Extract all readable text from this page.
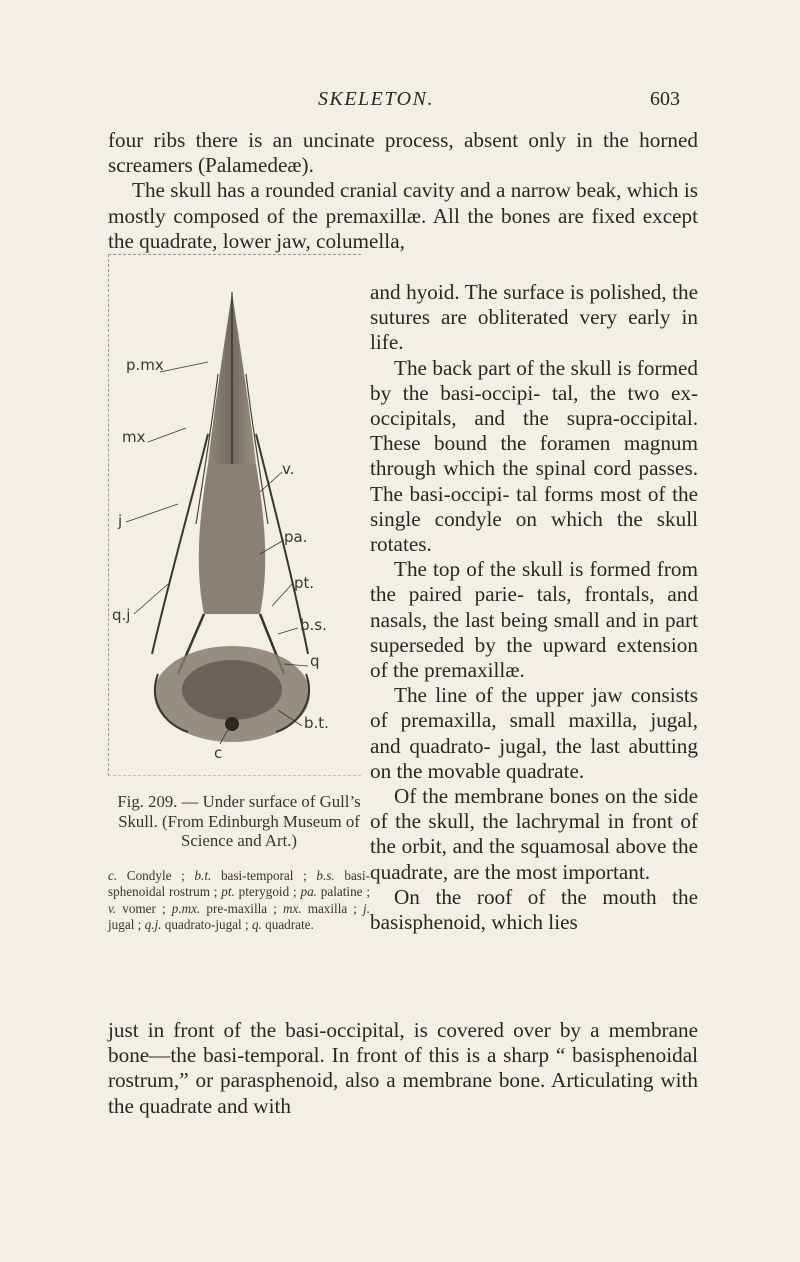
SKELETON.	603

four ribs there is an uncinate process, absent only in the horned screamers (Palamedeæ).

The skull has a rounded cranial cavity and a narrow beak, which is mostly composed of the premaxillæ. All the bones are fixed except the quadrate, lower jaw, columella,

p.mx
mx
v.
j
pa.
pt.
q.j
b.s.
q
b.t.
c

and hyoid. The surface is polished, the sutures are obliterated very early in life.

The back part of the skull is formed by the basi-occipi- tal, the two ex-occipitals, and the supra-occipital. These bound the foramen magnum through which the spinal cord passes. The basi-occipi- tal forms most of the single condyle on which the skull rotates.

The top of the skull is formed from the paired parie- tals, frontals, and nasals, the last being small and in part superseded by the upward extension of the premaxillæ.

The line of the upper jaw consists of premaxilla, small maxilla, jugal, and quadrato- jugal, the last abutting on the movable quadrate.

Of the membrane bones on the side of the skull, the lachrymal in front of the orbit, and the squamosal above the quadrate, are the most important.

On the roof of the mouth the basisphenoid, which lies

Fig. 209. — Under surface of Gull’s Skull. (From Edinburgh Museum of Science and Art.)
c. Condyle ; b.t. basi-temporal ; b.s. basi-sphenoidal rostrum ; pt. pterygoid ; pa. palatine ; v. vomer ; p.mx. pre-maxilla ; mx. maxilla ; j. jugal ; q.j. quadrato-jugal ; q. quadrate.

just in front of the basi-occipital, is covered over by a membrane bone—the basi-temporal. In front of this is a sharp “ basisphenoidal rostrum,” or parasphenoid, also a membrane bone. Articulating with the quadrate and with
